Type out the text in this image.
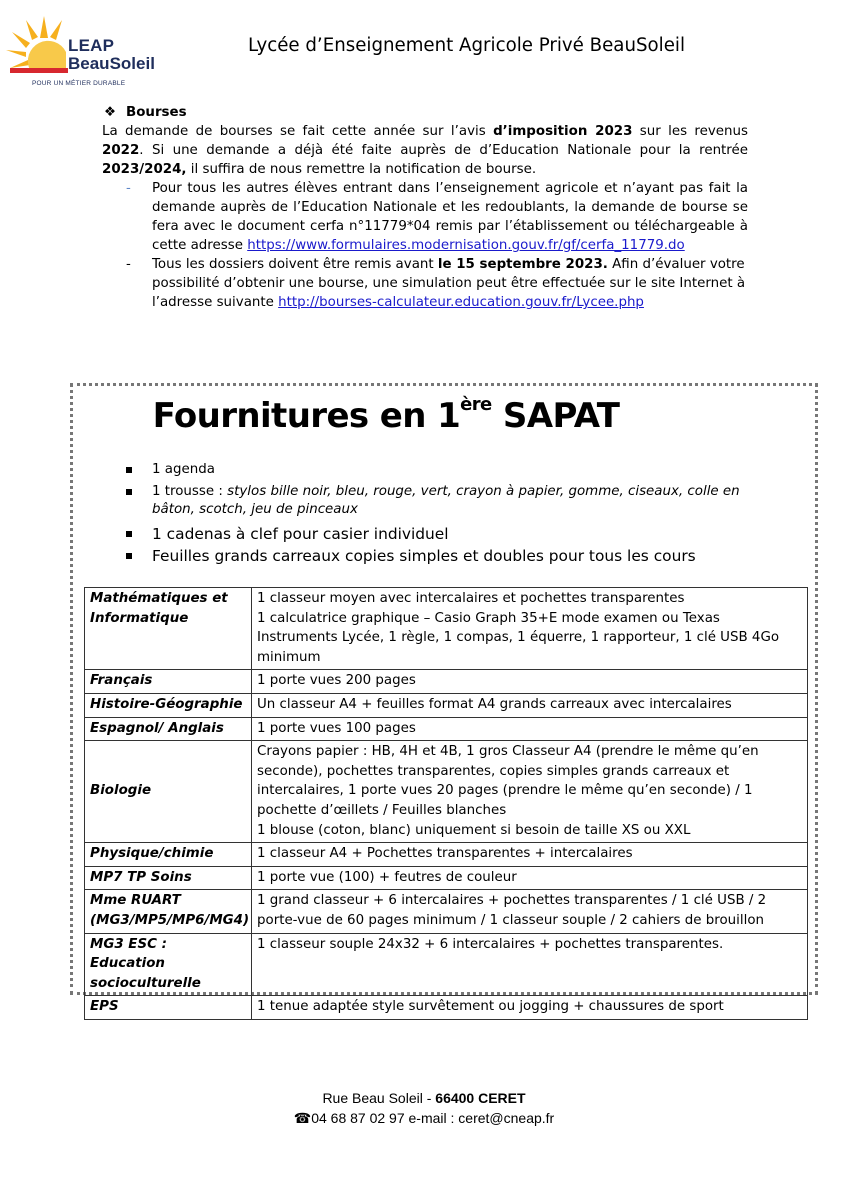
LEAP
BeauSoleil
POUR UN MÉTIER DURABLE
Lycée d’Enseignement Agricole Privé BeauSoleil
❖ Bourses
La demande de bourses se fait cette année sur l’avis d’imposition 2023 sur les revenus 2022. Si une demande a déjà été faite auprès de d’Education Nationale pour la rentrée 2023/2024, il suffira de nous remettre la notification de bourse.
- Pour tous les autres élèves entrant dans l’enseignement agricole et n’ayant pas fait la demande auprès de l’Education Nationale et les redoublants, la demande de bourse se fera avec le document cerfa n°11779*04 remis par l’établissement ou téléchargeable à cette adresse https://www.formulaires.modernisation.gouv.fr/gf/cerfa_11779.do
- Tous les dossiers doivent être remis avant le 15 septembre 2023. Afin d’évaluer votre possibilité d’obtenir une bourse, une simulation peut être effectuée sur le site Internet à l’adresse suivante http://bourses-calculateur.education.gouv.fr/Lycee.php
Fournitures en 1ère SAPAT
1 agenda
1 trousse : stylos bille noir, bleu, rouge, vert, crayon à papier, gomme, ciseaux, colle en bâton, scotch, jeu de pinceaux
1 cadenas à clef pour casier individuel
Feuilles grands carreaux copies simples et doubles pour tous les cours
Mathématiques et Informatique	1 classeur moyen avec intercalaires et pochettes transparentes

1 calculatrice graphique – Casio Graph 35+E mode examen ou Texas Instruments Lycée, 1 règle, 1 compas, 1 équerre, 1 rapporteur, 1 clé USB 4Go minimum

Français	1 porte vues 200 pages

Histoire-Géographie	Un classeur A4 + feuilles format A4 grands carreaux avec intercalaires

Espagnol/ Anglais	1 porte vues 100 pages

Biologie	Crayons papier : HB, 4H et 4B, 1 gros Classeur A4 (prendre le même qu’en seconde), pochettes transparentes, copies simples grands carreaux et intercalaires, 1 porte vues 20 pages (prendre le même qu’en seconde) / 1 pochette d’œillets / Feuilles blanches

1 blouse (coton, blanc) uniquement si besoin de taille XS ou XXL

Physique/chimie	1 classeur A4 + Pochettes transparentes + intercalaires

MP7 TP Soins	1 porte vue (100) + feutres de couleur

Mme RUART (MG3/MP5/MP6/MG4)	1 grand classeur + 6 intercalaires + pochettes transparentes / 1 clé USB / 2 porte-vue de 60 pages minimum / 1 classeur souple / 2 cahiers de brouillon

MG3 ESC : Education socioculturelle	1 classeur souple 24x32 + 6 intercalaires + pochettes transparentes.

EPS	1 tenue adaptée style survêtement ou jogging + chaussures de sport

Rue Beau Soleil - 66400 CERET
☎04 68 87 02 97 e-mail : ceret@cneap.fr
